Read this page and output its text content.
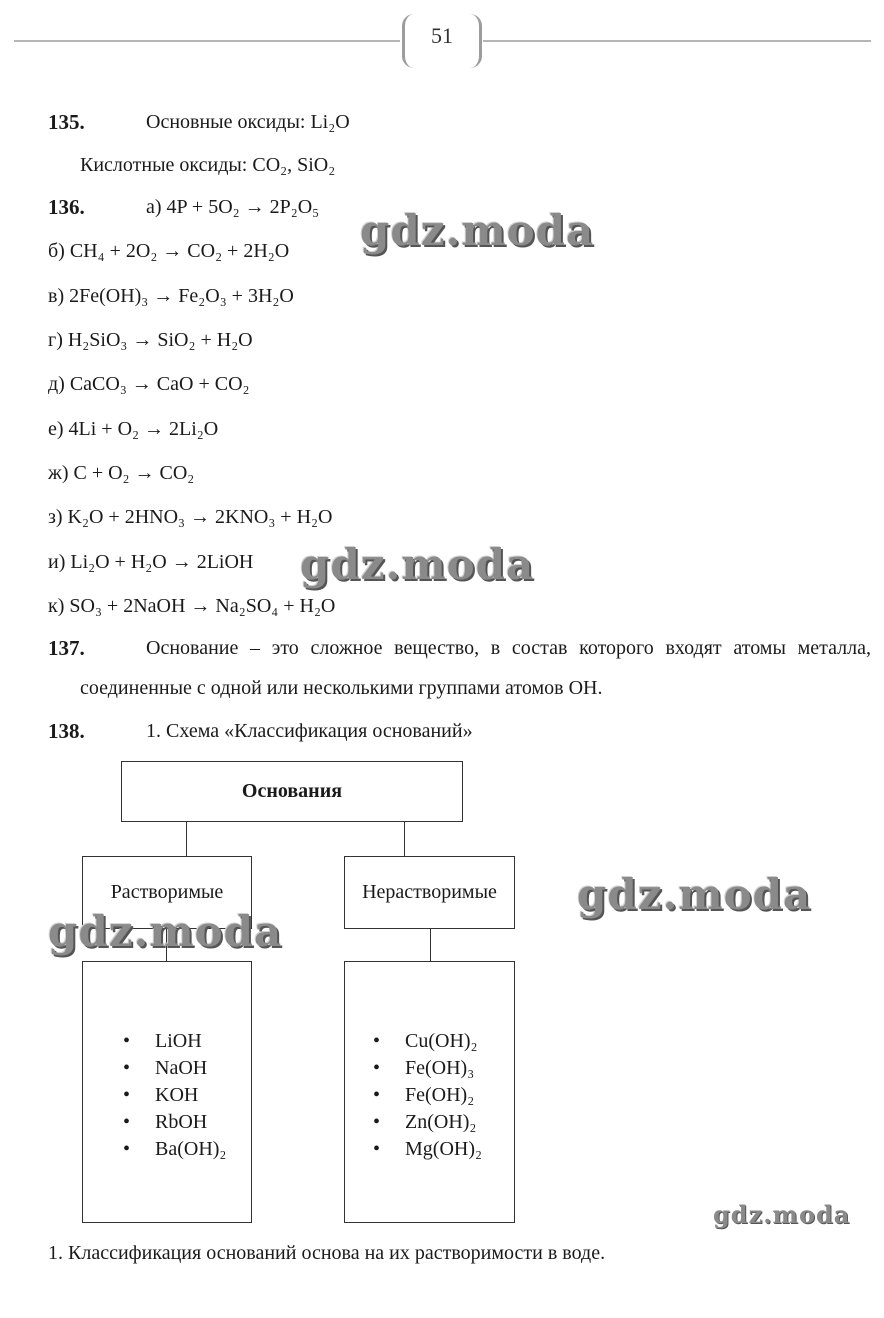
51
135.	Основные оксиды: Li₂O
Кислотные оксиды: CO₂, SiO₂
136.	а) 4P + 5O₂ → 2P₂O₅
б) CH₄ + 2O₂ → CO₂ + 2H₂O
в) 2Fe(OH)₃ → Fe₂O₃ + 3H₂O
г) H₂SiO₃ → SiO₂ + H₂O
д) CaCO₃ → CaO + CO₂
е) 4Li + O₂ → 2Li₂O
ж) C + O₂ → CO₂
з) K₂O + 2HNO₃ → 2KNO₃ + H₂O
и) Li₂O + H₂O → 2LiOH
к) SO₃ + 2NaOH → Na₂SO₄ + H₂O
137.	Основание – это сложное вещество, в состав которого входят атомы металла, соединенные с одной или несколькими группами атомов ОН.
138.	1. Схема «Классификация оснований»
Основания
Растворимые	Нерастворимые
• LiOH
• NaOH
• KOH
• RbOH
• Ba(OH)₂
• Cu(OH)₂
• Fe(OH)₃
• Fe(OH)₂
• Zn(OH)₂
• Mg(OH)₂
1. Классификация оснований основа на их растворимости в воде.
gdz.moda
gdz.moda
gdz.moda
gdz.moda
gdz.moda
